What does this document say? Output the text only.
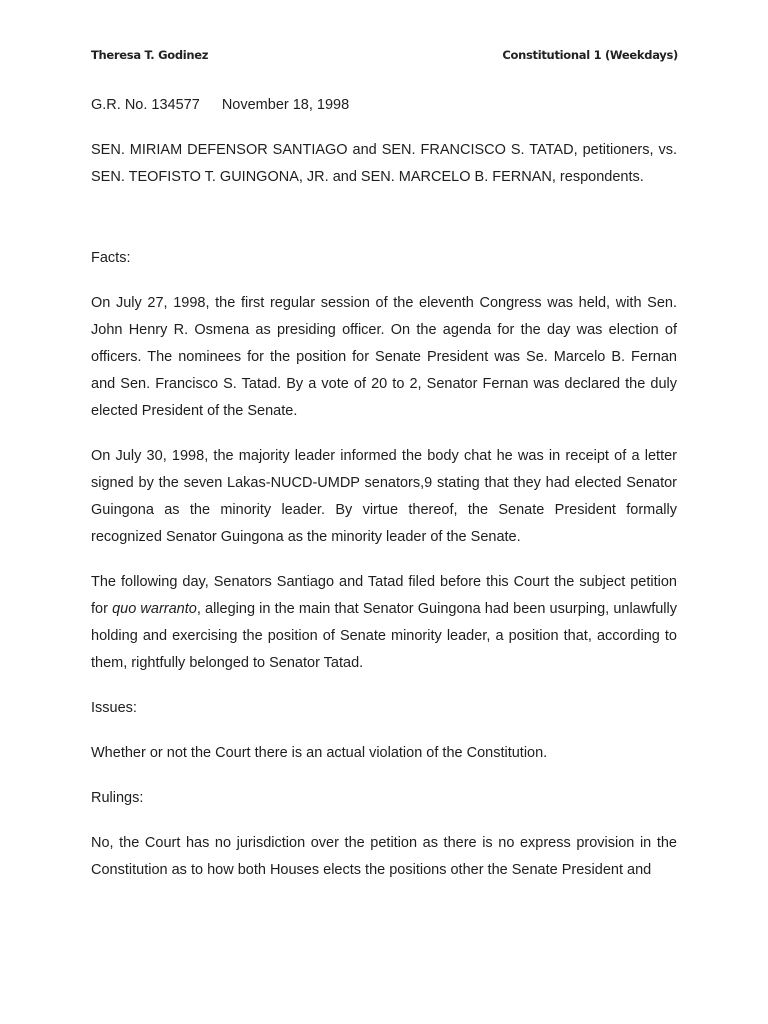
Theresa T. Godinez	Constitutional 1 (Weekdays)
G.R. No. 134577 November 18, 1998

SEN. MIRIAM DEFENSOR SANTIAGO and SEN. FRANCISCO S. TATAD, petitioners, vs. SEN. TEOFISTO T. GUINGONA, JR. and SEN. MARCELO B. FERNAN, respondents.

Facts:

On July 27, 1998, the first regular session of the eleventh Congress was held, with Sen. John Henry R. Osmena as presiding officer. On the agenda for the day was election of officers. The nominees for the position for Senate President was Se. Marcelo B. Fernan and Sen. Francisco S. Tatad. By a vote of 20 to 2, Senator Fernan was declared the duly elected President of the Senate.

On July 30, 1998, the majority leader informed the body chat he was in receipt of a letter signed by the seven Lakas-NUCD-UMDP senators,9 stating that they had elected Senator Guingona as the minority leader. By virtue thereof, the Senate President formally recognized Senator Guingona as the minority leader of the Senate.

The following day, Senators Santiago and Tatad filed before this Court the subject petition for quo warranto, alleging in the main that Senator Guingona had been usurping, unlawfully holding and exercising the position of Senate minority leader, a position that, according to them, rightfully belonged to Senator Tatad.

Issues:

Whether or not the Court there is an actual violation of the Constitution.

Rulings:

No, the Court has no jurisdiction over the petition as there is no express provision in the Constitution as to how both Houses elects the positions other the Senate President and
